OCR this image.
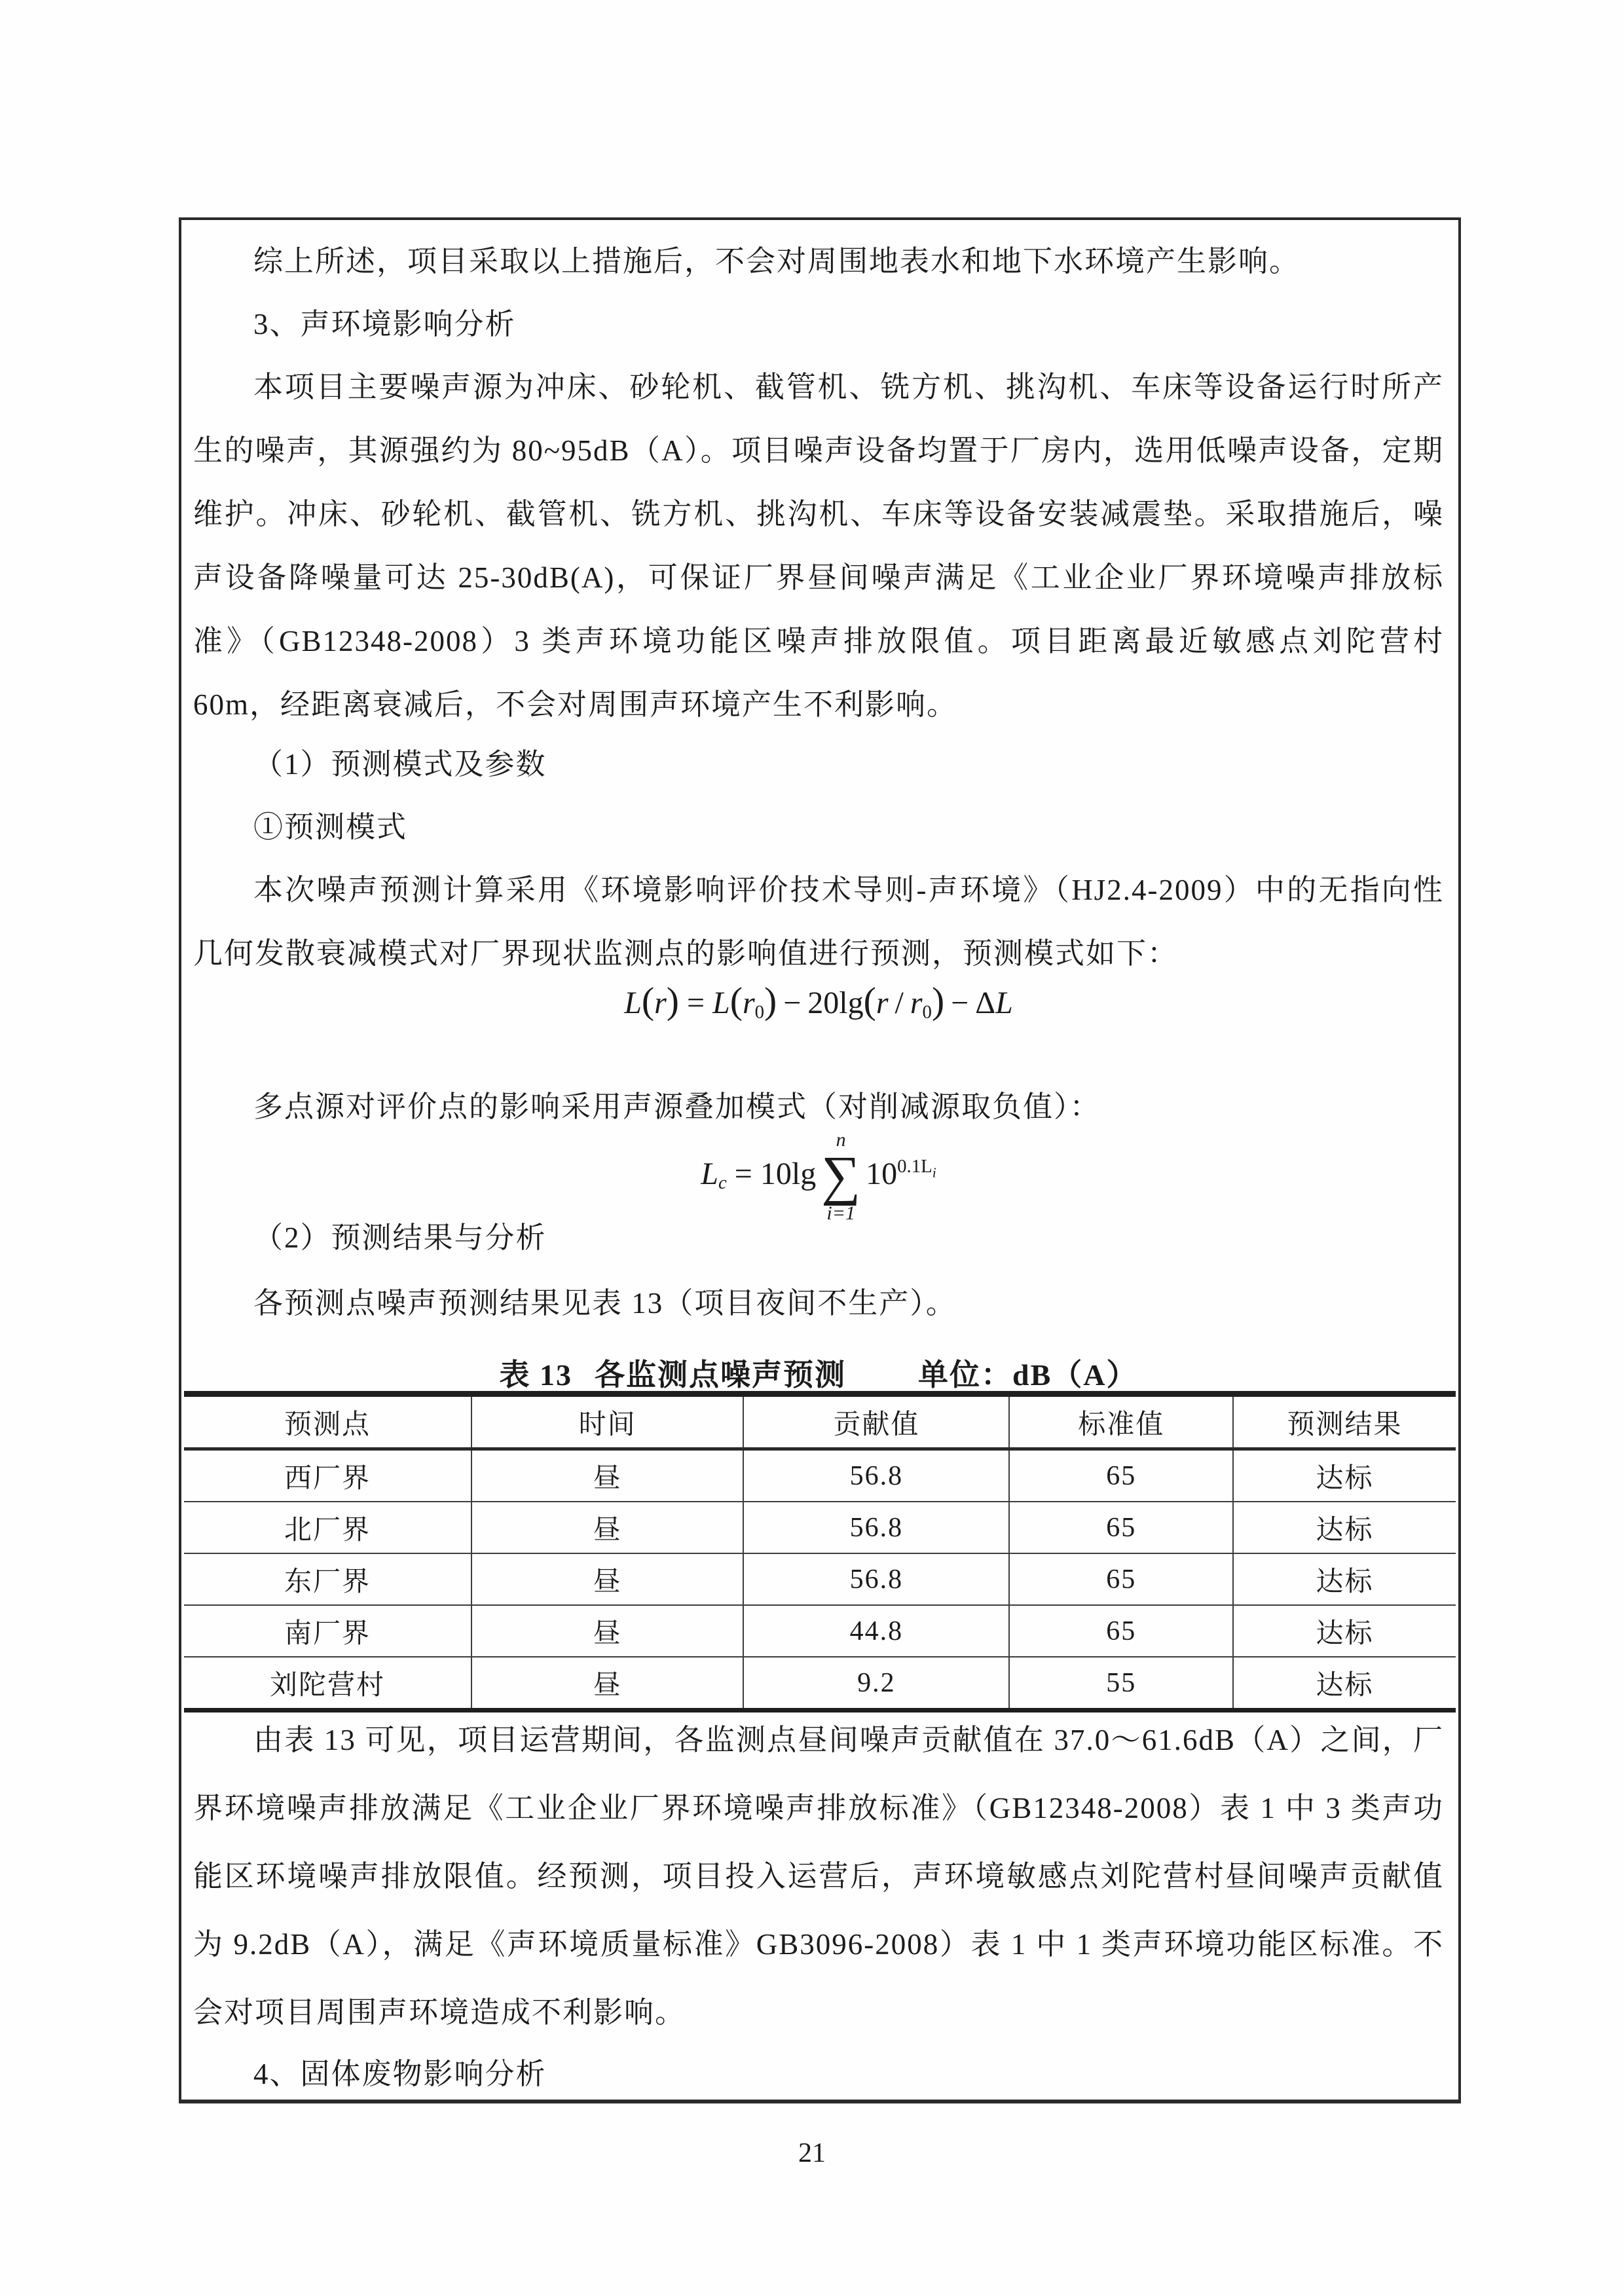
综上所述，项目采取以上措施后，不会对周围地表水和地下水环境产生影响。
3、声环境影响分析
本项目主要噪声源为冲床、砂轮机、截管机、铣方机、挑沟机、车床等设备运行时所产生的噪声，其源强约为 80~95dB（A）。项目噪声设备均置于厂房内，选用低噪声设备，定期维护。冲床、砂轮机、截管机、铣方机、挑沟机、车床等设备安装减震垫。采取措施后，噪声设备降噪量可达 25-30dB(A)，可保证厂界昼间噪声满足《工业企业厂界环境噪声排放标准》（GB12348-2008）3 类声环境功能区噪声排放限值。项目距离最近敏感点刘陀营村 60m，经距离衰减后，不会对周围声环境产生不利影响。
（1）预测模式及参数
①预测模式
本次噪声预测计算采用《环境影响评价技术导则-声环境》（HJ2.4-2009）中的无指向性几何发散衰减模式对厂界现状监测点的影响值进行预测，预测模式如下：
L(r) = L(r0) − 20lg(r / r0) − ΔL
多点源对评价点的影响采用声源叠加模式（对削减源取负值）：
Lc = 10lg
n
∑
i=1
$10^{0.1L_i}$
（2）预测结果与分析
各预测点噪声预测结果见表 13（项目夜间不生产）。
表 13 各监测点噪声预测 单位：dB（A）
预测点	时间	贡献值	标准值	预测结果
西厂界	昼	56.8	65	达标
北厂界	昼	56.8	65	达标
东厂界	昼	56.8	65	达标
南厂界	昼	44.8	65	达标
刘陀营村	昼	9.2	55	达标
由表 13 可见，项目运营期间，各监测点昼间噪声贡献值在 37.0～61.6dB（A）之间，厂界环境噪声排放满足《工业企业厂界环境噪声排放标准》（GB12348-2008）表 1 中 3 类声功能区环境噪声排放限值。经预测，项目投入运营后，声环境敏感点刘陀营村昼间噪声贡献值为 9.2dB（A），满足《声环境质量标准》GB3096-2008）表 1 中 1 类声环境功能区标准。不会对项目周围声环境造成不利影响。
4、固体废物影响分析
21
